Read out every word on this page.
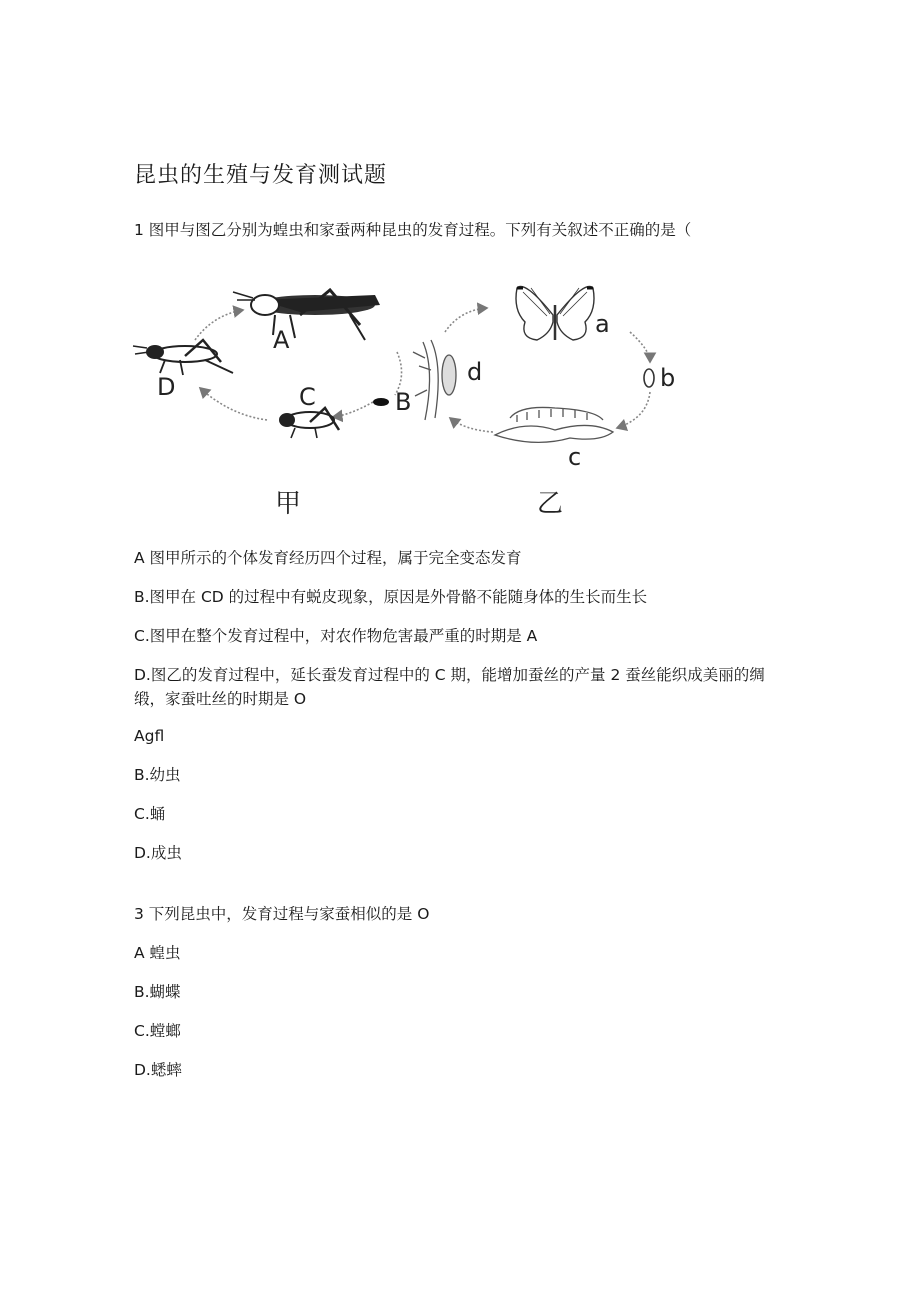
昆虫的生殖与发育测试题
1 图甲与图乙分别为蝗虫和家蚕两种昆虫的发育过程。下列有关叙述不正确的是（
A
D	C	B
甲
a
b
c
d
乙
A 图甲所示的个体发育经历四个过程，属于完全变态发育
B.图甲在 CD 的过程中有蜕皮现象，原因是外骨骼不能随身体的生长而生长
C.图甲在整个发育过程中，对农作物危害最严重的时期是 A
D.图乙的发育过程中，延长蚕发育过程中的 C 期，能增加蚕丝的产量 2 蚕丝能织成美丽的绸缎，家蚕吐丝的时期是 O
Agfl
B.幼虫
C.蛹
D.成虫
3 下列昆虫中，发育过程与家蚕相似的是 O
A 蝗虫
B.蝴蝶
C.螳螂
D.蟋蟀
